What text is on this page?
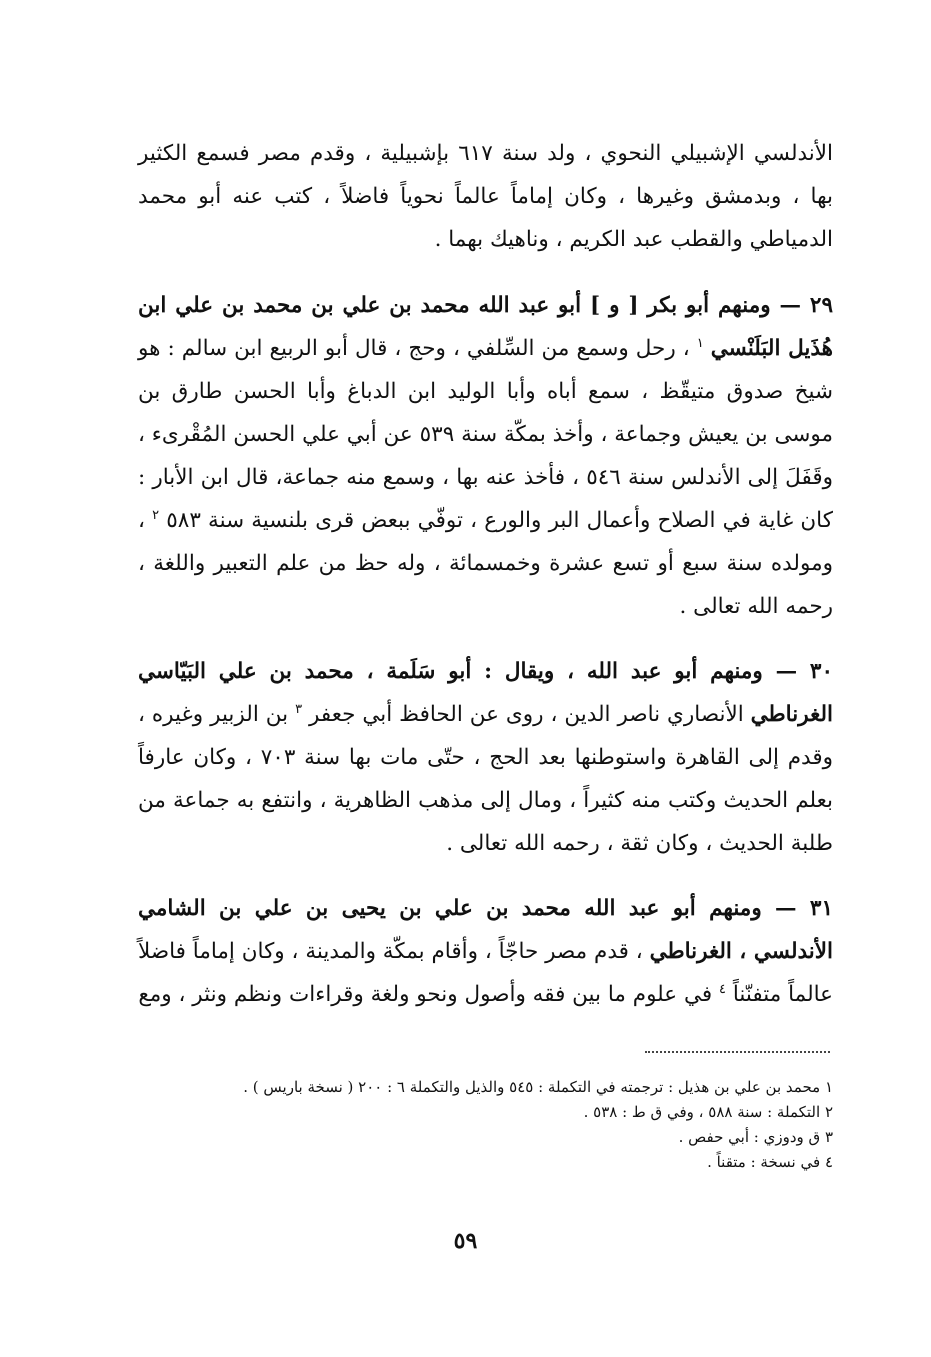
الأندلسي الإشبيلي النحوي ، ولد سنة ٦١٧ بإشبيلية ، وقدم مصر فسمع الكثير بها ، وبدمشق وغيرها ، وكان إماماً عالماً نحوياً فاضلاً ، كتب عنه أبو محمد الدمياطي والقطب عبد الكريم ، وناهيك بهما .

٢٩ — ومنهم أبو بكر [ و ] أبو عبد الله محمد بن علي بن محمد بن علي ابن هُذَيل البَلَنْسي $^١$ ، رحل وسمع من السِّلفي ، وحج ، قال أبو الربيع ابن سالم : هو شيخ صدوق متيقّظ ، سمع أباه وأبا الوليد ابن الدباغ وأبا الحسن طارق بن موسى بن يعيش وجماعة ، وأخذ بمكّة سنة ٥٣٩ عن أبي علي الحسن المُقْرىء ، وقَفَلَ إلى الأندلس سنة ٥٤٦ ، فأخذ عنه بها ، وسمع منه جماعة، قال ابن الأبار : كان غاية في الصلاح وأعمال البر والورع ، توفّي ببعض قرى بلنسية سنة ٥٨٣ $^٢$ ، ومولده سنة سبع أو تسع عشرة وخمسمائة ، وله حظ من علم التعبير واللغة ، رحمه الله تعالى .

٣٠ — ومنهم أبو عبد الله ، ويقال : أبو سَلَمة ، محمد بن علي البَيّاسي الغرناطي الأنصاري ناصر الدين ، روى عن الحافظ أبي جعفر $^٣$ بن الزبير وغيره ، وقدم إلى القاهرة واستوطنها بعد الحج ، حتّى مات بها سنة ٧٠٣ ، وكان عارفاً بعلم الحديث وكتب منه كثيراً ، ومال إلى مذهب الظاهرية ، وانتفع به جماعة من طلبة الحديث ، وكان ثقة ، رحمه الله تعالى .

٣١ — ومنهم أبو عبد الله محمد بن علي بن يحيى بن علي بن الشامي الأندلسي ، الغرناطي ، قدم مصر حاجّاً ، وأقام بمكّة والمدينة ، وكان إماماً فاضلاً عالماً متفنّناً $^٤$ في علوم ما بين فقه وأصول ونحو ولغة وقراءات ونظم ونثر ، ومع

١ محمد بن علي بن هذيل : ترجمته في التكملة : ٥٤٥ والذيل والتكملة ٦ : ٢٠٠ ( نسخة باريس ) .

٢ التكملة : سنة ٥٨٨ ، وفي ق ط : ٥٣٨ .

٣ ق ودوزي : أبي حفص .

٤ في نسخة : متقناً .

٥٩
